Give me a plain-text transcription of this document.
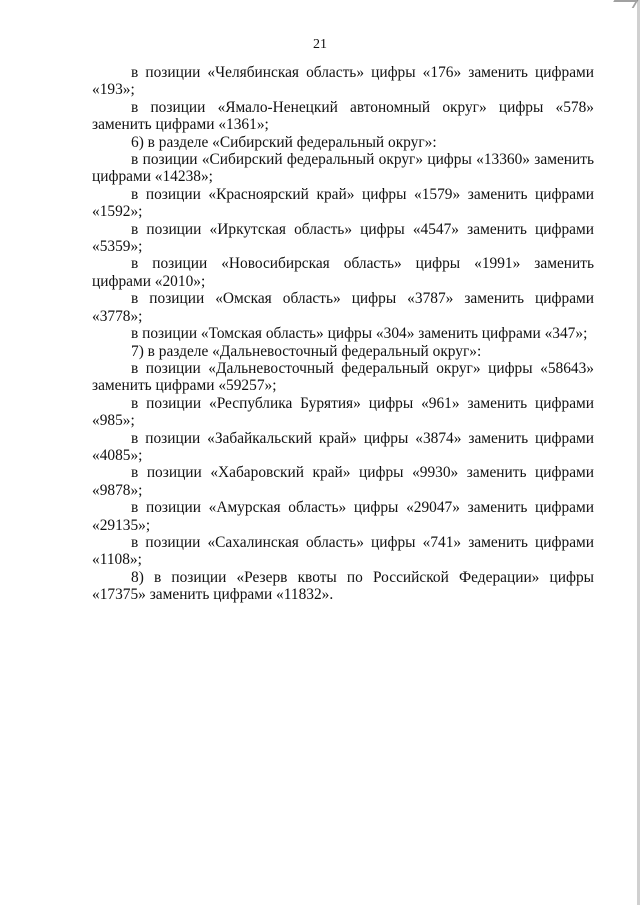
21

в позиции «Челябинская область» цифры «176» заменить цифрами «193»;

в позиции «Ямало-Ненецкий автономный округ» цифры «578» заменить цифрами «1361»;

6) в разделе «Сибирский федеральный округ»:

в позиции «Сибирский федеральный округ» цифры «13360» заменить цифрами «14238»;

в позиции «Красноярский край» цифры «1579» заменить цифрами «1592»;

в позиции «Иркутская область» цифры «4547» заменить цифрами «5359»;

в позиции «Новосибирская область» цифры «1991» заменить цифрами «2010»;

в позиции «Омская область» цифры «3787» заменить цифрами «3778»;

в позиции «Томская область» цифры «304» заменить цифрами «347»;

7) в разделе «Дальневосточный федеральный округ»:

в позиции «Дальневосточный федеральный округ» цифры «58643» заменить цифрами «59257»;

в позиции «Республика Бурятия» цифры «961» заменить цифрами «985»;

в позиции «Забайкальский край» цифры «3874» заменить цифрами «4085»;

в позиции «Хабаровский край» цифры «9930» заменить цифрами «9878»;

в позиции «Амурская область» цифры «29047» заменить цифрами «29135»;

в позиции «Сахалинская область» цифры «741» заменить цифрами «1108»;

8) в позиции «Резерв квоты по Российской Федерации» цифры «17375» заменить цифрами «11832».
